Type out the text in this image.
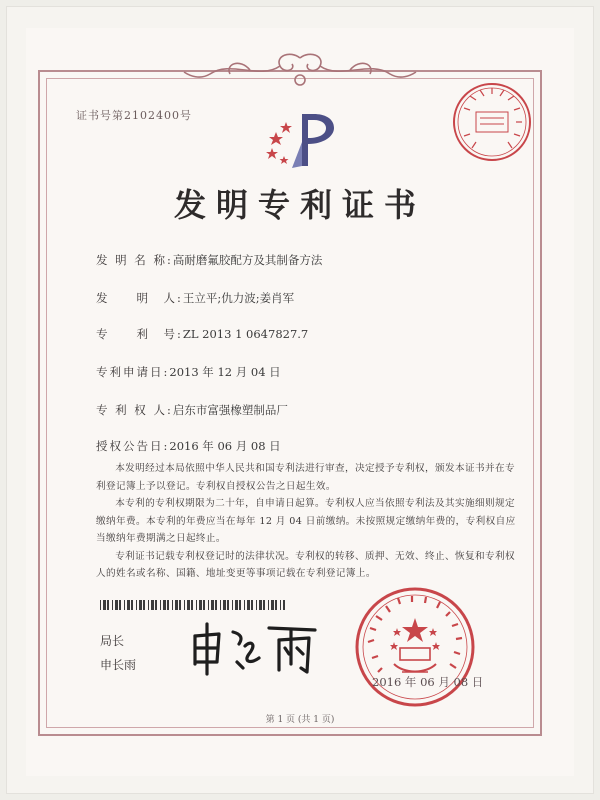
证书号第2102400号
发明专利证书
发 明 名 称:高耐磨氟胶配方及其制备方法
发　　明　人:王立平;仇力波;姜肖军
专　　利　号:ZL 2013 1 0647827.7
专利申请日:2013 年 12 月 04 日
专 利 权 人:启东市富强橡塑制品厂
授权公告日:2016 年 06 月 08 日

本发明经过本局依照中华人民共和国专利法进行审查，决定授予专利权，颁发本证书并在专利登记簿上予以登记。专利权自授权公告之日起生效。

本专利的专利权期限为二十年，自申请日起算。专利权人应当依照专利法及其实施细则规定缴纳年费。本专利的年费应当在每年 12 月 04 日前缴纳。未按照规定缴纳年费的，专利权自应当缴纳年费期满之日起终止。

专利证书记载专利权登记时的法律状况。专利权的转移、质押、无效、终止、恢复和专利权人的姓名或名称、国籍、地址变更等事项记载在专利登记簿上。

局长
申长雨
2016 年 06 月 08 日
第 1 页 (共 1 页)
